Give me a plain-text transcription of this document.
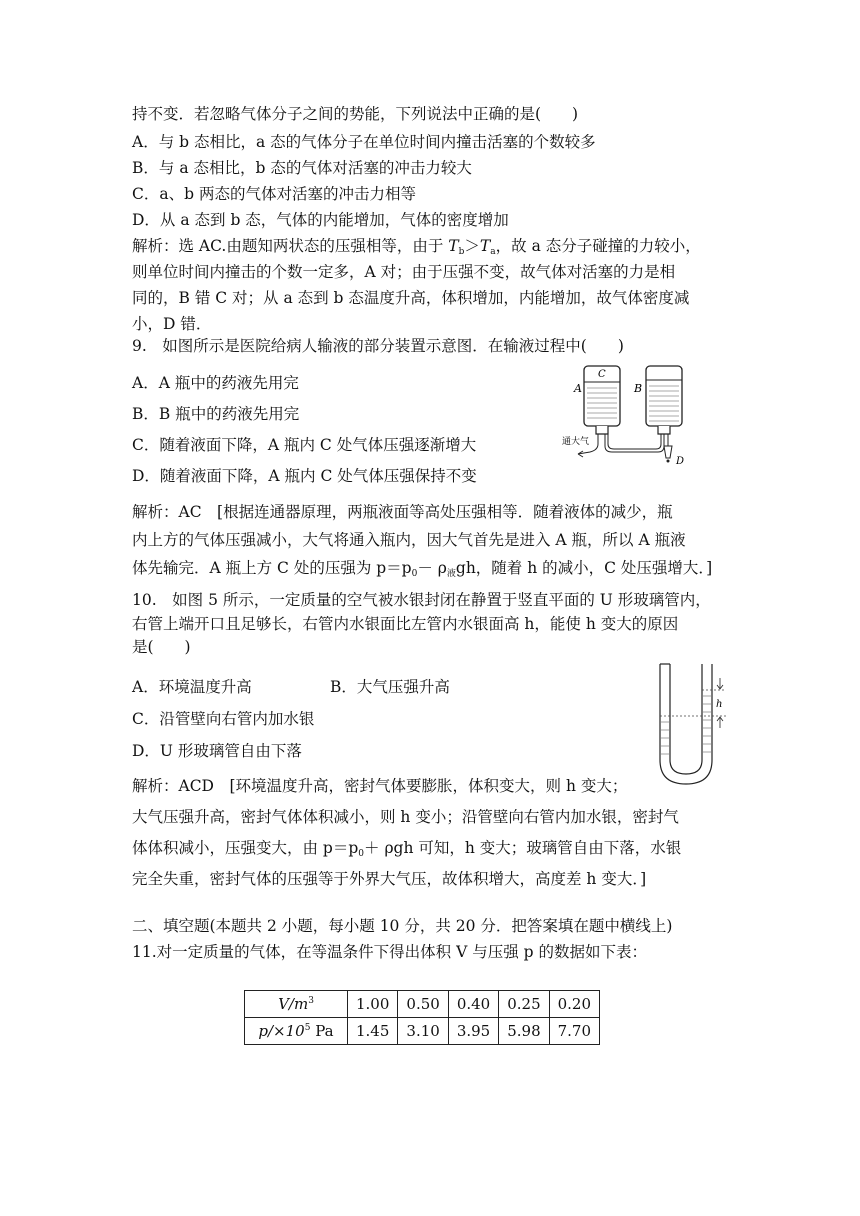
持不变．若忽略气体分子之间的势能，下列说法中正确的是(　　)
A．与 b 态相比，a 态的气体分子在单位时间内撞击活塞的个数较多
B．与 a 态相比，b 态的气体对活塞的冲击力较大
C．a、b 两态的气体对活塞的冲击力相等
D．从 a 态到 b 态，气体的内能增加，气体的密度增加
解析：选 AC.由题知两状态的压强相等，由于 $T_b>T_a$，故 a 态分子碰撞的力较小，
则单位时间内撞击的个数一定多，A 对；由于压强不变，故气体对活塞的力是相
同的，B 错 C 对；从 a 态到 b 态温度升高，体积增加，内能增加，故气体密度减
小，D 错．
9.　如图所示是医院给病人输液的部分装置示意图．在输液过程中(　　)
A．A 瓶中的药液先用完
B．B 瓶中的药液先用完
C．随着液面下降，A 瓶内 C 处气体压强逐渐增大
D．随着液面下降，A 瓶内 C 处气体压强保持不变
A	B
C
D
通大气
解析：AC　[根据连通器原理，两瓶液面等高处压强相等．随着液体的减少，瓶
内上方的气体压强减小，大气将通入瓶内，因大气首先是进入 A 瓶，所以 A 瓶液
体先输完．A 瓶上方 C 处的压强为 $p=p_0- \rho_液gh$，随着 h 的减小，C 处压强增大．]
10.　如图 5 所示，一定质量的空气被水银封闭在静置于竖直平面的 U 形玻璃管内，
右管上端开口且足够长，右管内水银面比左管内水银面高 h，能使 h 变大的原因
是(　　)
A．环境温度升高	B．大气压强升高
C．沿管壁向右管内加水银
D．U 形玻璃管自由下落
h
解析：ACD　[环境温度升高，密封气体要膨胀，体积变大，则 h 变大；
大气压强升高，密封气体体积减小，则 h 变小；沿管壁向右管内加水银，密封气
体体积减小，压强变大，由 $p=p_0+ \rho gh$ 可知，h 变大；玻璃管自由下落，水银
完全失重，密封气体的压强等于外界大气压，故体积增大，高度差 h 变大．]
二、填空题(本题共 2 小题，每小题 10 分，共 20 分．把答案填在题中横线上)
11.对一定质量的气体，在等温条件下得出体积 V 与压强 p 的数据如下表：
$V/m^3$	1.00	0.50	0.40	0.25	0.20
$p/\times 10^5$ Pa	1.45	3.10	3.95	5.98	7.70
